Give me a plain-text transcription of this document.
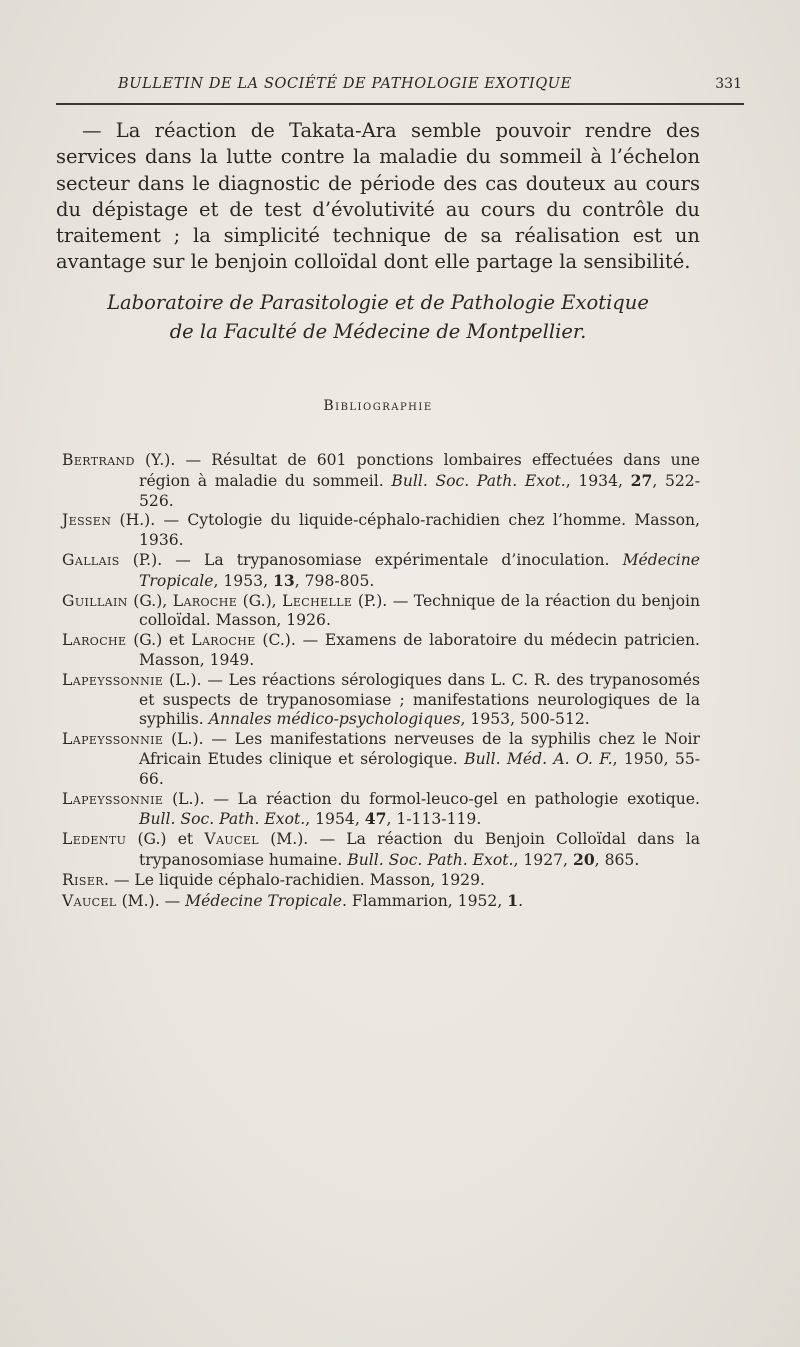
BULLETIN DE LA SOCIÉTÉ DE PATHOLOGIE EXOTIQUE	331

— La réaction de Takata-Ara semble pouvoir rendre des services dans la lutte contre la maladie du sommeil à l’échelon secteur dans le diagnostic de période des cas douteux au cours du dépistage et de test d’évolutivité au cours du contrôle du traitement ; la simplicité technique de sa réalisation est un avantage sur le benjoin colloïdal dont elle partage la sensibilité.

Laboratoire de Parasitologie et de Pathologie Exotique
de la Faculté de Médecine de Montpellier.
Bibliographie

Bertrand (Y.). — Résultat de 601 ponctions lombaires effectuées dans une région à maladie du sommeil. Bull. Soc. Path. Exot., 1934, 27, 522-526.

Jessen (H.). — Cytologie du liquide-céphalo-rachidien chez l’homme. Masson, 1936.

Gallais (P.). — La trypanosomiase expérimentale d’inoculation. Médecine Tropicale, 1953, 13, 798-805.

Guillain (G.), Laroche (G.), Lechelle (P.). — Technique de la réaction du benjoin colloïdal. Masson, 1926.

Laroche (G.) et Laroche (C.). — Examens de laboratoire du médecin patricien. Masson, 1949.

Lapeyssonnie (L.). — Les réactions sérologiques dans L. C. R. des trypanosomés et suspects de trypanosomiase ; manifestations neurologiques de la syphilis. Annales médico-psychologiques, 1953, 500-512.

Lapeyssonnie (L.). — Les manifestations nerveuses de la syphilis chez le Noir Africain Etudes clinique et sérologique. Bull. Méd. A. O. F., 1950, 55-66.

Lapeyssonnie (L.). — La réaction du formol-leuco-gel en pathologie exotique. Bull. Soc. Path. Exot., 1954, 47, 1-113-119.

Ledentu (G.) et Vaucel (M.). — La réaction du Benjoin Colloïdal dans la trypanosomiase humaine. Bull. Soc. Path. Exot., 1927, 20, 865.

Riser. — Le liquide céphalo-rachidien. Masson, 1929.

Vaucel (M.). — Médecine Tropicale. Flammarion, 1952, 1.
